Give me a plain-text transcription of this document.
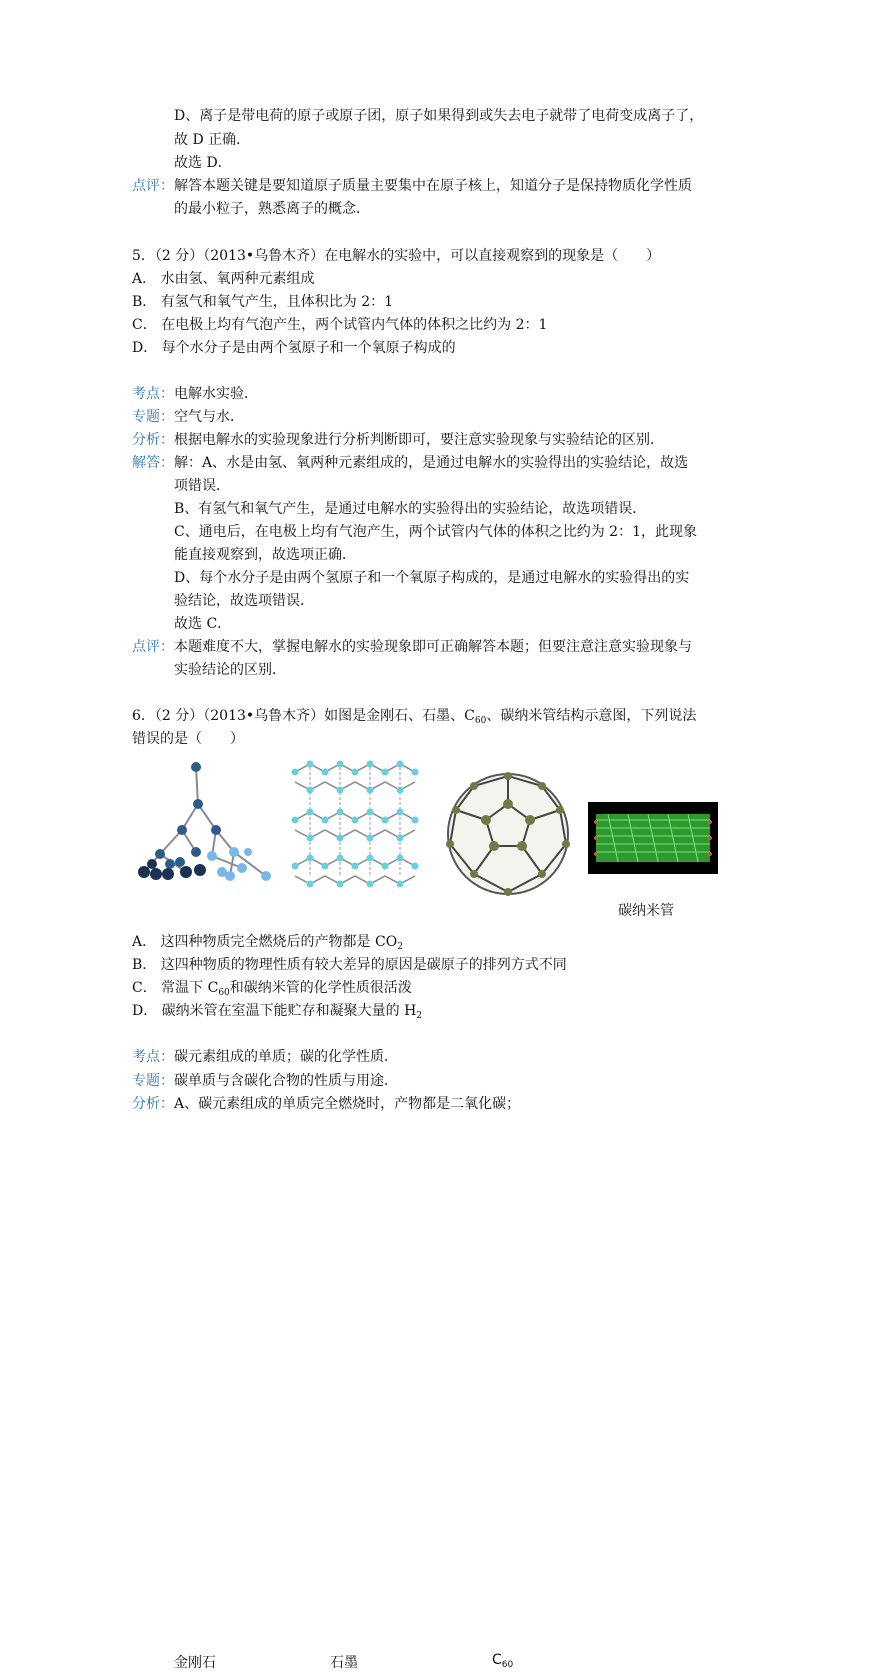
D、离子是带电荷的原子或原子团，原子如果得到或失去电子就带了电荷变成离子了，
故 D 正确．
故选 D．
点评：解答本题关键是要知道原子质量主要集中在原子核上，知道分子是保持物质化学性质
的最小粒子，熟悉离子的概念．
5．（2 分）（2013•乌鲁木齐）在电解水的实验中，可以直接观察到的现象是（　　）
A． 水由氢、氧两种元素组成
B． 有氢气和氧气产生，且体积比为 2：1
C． 在电极上均有气泡产生，两个试管内气体的体积之比约为 2：1
D． 每个水分子是由两个氢原子和一个氧原子构成的
考点：电解水实验．
专题：空气与水．
分析：根据电解水的实验现象进行分析判断即可，要注意实验现象与实验结论的区别．
解答：解：A、水是由氢、氧两种元素组成的，是通过电解水的实验得出的实验结论，故选
项错误．
B、有氢气和氧气产生，是通过电解水的实验得出的实验结论，故选项错误．
C、通电后，在电极上均有气泡产生，两个试管内气体的体积之比约为 2：1，此现象
能直接观察到，故选项正确．
D、每个水分子是由两个氢原子和一个氧原子构成的，是通过电解水的实验得出的实
验结论，故选项错误．
故选 C．
点评：本题难度不大，掌握电解水的实验现象即可正确解答本题；但要注意注意实验现象与
实验结论的区别．
6．（2 分）（2013•乌鲁木齐）如图是金刚石、石墨、$C_{60}$、碳纳米管结构示意图，下列说法
错误的是（　　）
金刚石	石墨	$C_{60}$
碳纳米管
A． 这四种物质完全燃烧后的产物都是 $CO_2$
B． 这四种物质的物理性质有较大差异的原因是碳原子的排列方式不同
C． 常温下 $C_{60}$和碳纳米管的化学性质很活泼
D． 碳纳米管在室温下能贮存和凝聚大量的 $H_2$
考点：碳元素组成的单质；碳的化学性质．
专题：碳单质与含碳化合物的性质与用途．
分析：A、碳元素组成的单质完全燃烧时，产物都是二氧化碳；
